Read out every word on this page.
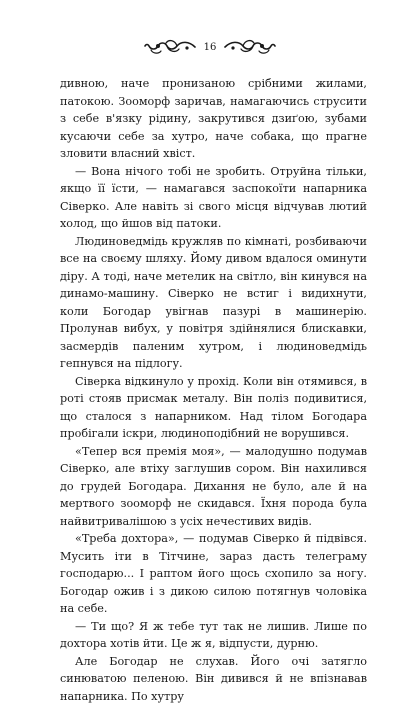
16

дивною, наче пронизаною срібними жилами, патокою. Зооморф заричав, намагаючись струсити з себе в'язку рідину, закрутився дзиґою, зубами кусаючи себе за хутро, наче собака, що прагне зловити власний хвіст.

— Вона нічого тобі не зробить. Отруйна тільки, якщо її їсти, — намагався заспокоїти напарника Сіверко. Але навіть зі свого місця відчував лютий холод, що йшов від патоки.

Людиноведмідь кружляв по кімнаті, розбиваючи все на своєму шляху. Йому дивом вдалося оминути діру. А тоді, наче метелик на світло, він кинувся на динамо-машину. Сіверко не встиг і видихнути, коли Богодар увігнав пазурі в машинерію. Пролунав вибух, у повітря здійнялися блискавки, засмердів паленим хутром, і людиноведмідь гепнувся на підлогу.

Сіверка відкинуло у прохід. Коли він отямився, в роті стояв присмак металу. Він поліз подивитися, що сталося з напарником. Над тілом Богодара пробігали іскри, людиноподібний не ворушився.

«Тепер вся премія моя», — малодушно подумав Сіверко, але втіху заглушив сором. Він нахилився до грудей Богодара. Дихання не було, але й на мертвого зооморф не скидався. Їхня порода була найвитривалішою з усіх нечестивих видів.

«Треба дохтора», — подумав Сіверко й підвівся. Мусить іти в Тітчине, зараз дасть телеграму господарю... І раптом його щось схопило за ногу. Богодар ожив і з дикою силою потягнув чоловіка на себе.

— Ти що? Я ж тебе тут так не лишив. Лише по дохтора хотів йти. Це ж я, відпусти, дурню.

Але Богодар не слухав. Його очі затягло синюватою пеленою. Він дивився й не впізнавав напарника. По хутру
